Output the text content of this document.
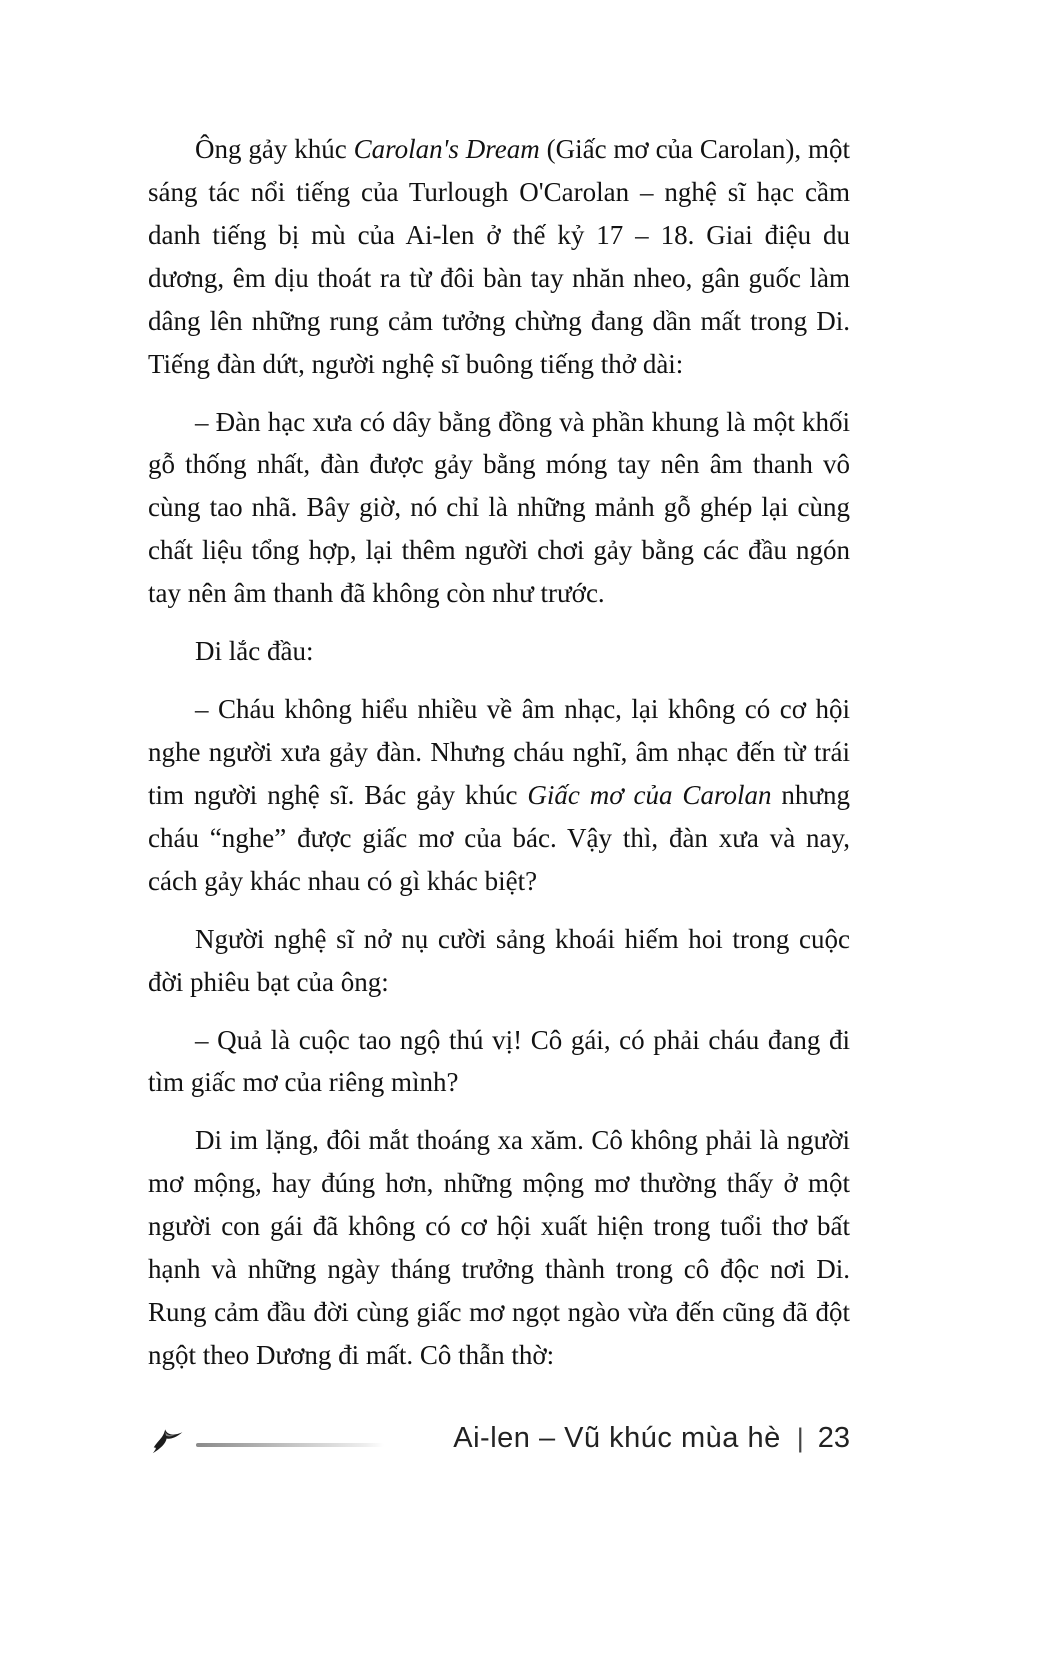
Ông gảy khúc Carolan's Dream (Giấc mơ của Carolan), một sáng tác nổi tiếng của Turlough O'Carolan – nghệ sĩ hạc cầm danh tiếng bị mù của Ai-len ở thế kỷ 17 – 18. Giai điệu du dương, êm dịu thoát ra từ đôi bàn tay nhăn nheo, gân guốc làm dâng lên những rung cảm tưởng chừng đang dần mất trong Di. Tiếng đàn dứt, người nghệ sĩ buông tiếng thở dài:

– Đàn hạc xưa có dây bằng đồng và phần khung là một khối gỗ thống nhất, đàn được gảy bằng móng tay nên âm thanh vô cùng tao nhã. Bây giờ, nó chỉ là những mảnh gỗ ghép lại cùng chất liệu tổng hợp, lại thêm người chơi gảy bằng các đầu ngón tay nên âm thanh đã không còn như trước.

Di lắc đầu:

– Cháu không hiểu nhiều về âm nhạc, lại không có cơ hội nghe người xưa gảy đàn. Nhưng cháu nghĩ, âm nhạc đến từ trái tim người nghệ sĩ. Bác gảy khúc Giấc mơ của Carolan nhưng cháu “nghe” được giấc mơ của bác. Vậy thì, đàn xưa và nay, cách gảy khác nhau có gì khác biệt?

Người nghệ sĩ nở nụ cười sảng khoái hiếm hoi trong cuộc đời phiêu bạt của ông:

– Quả là cuộc tao ngộ thú vị! Cô gái, có phải cháu đang đi tìm giấc mơ của riêng mình?

Di im lặng, đôi mắt thoáng xa xăm. Cô không phải là người mơ mộng, hay đúng hơn, những mộng mơ thường thấy ở một người con gái đã không có cơ hội xuất hiện trong tuổi thơ bất hạnh và những ngày tháng trưởng thành trong cô độc nơi Di. Rung cảm đầu đời cùng giấc mơ ngọt ngào vừa đến cũng đã đột ngột theo Dương đi mất. Cô thẫn thờ:

Ai-len – Vũ khúc mùa hè | 23
